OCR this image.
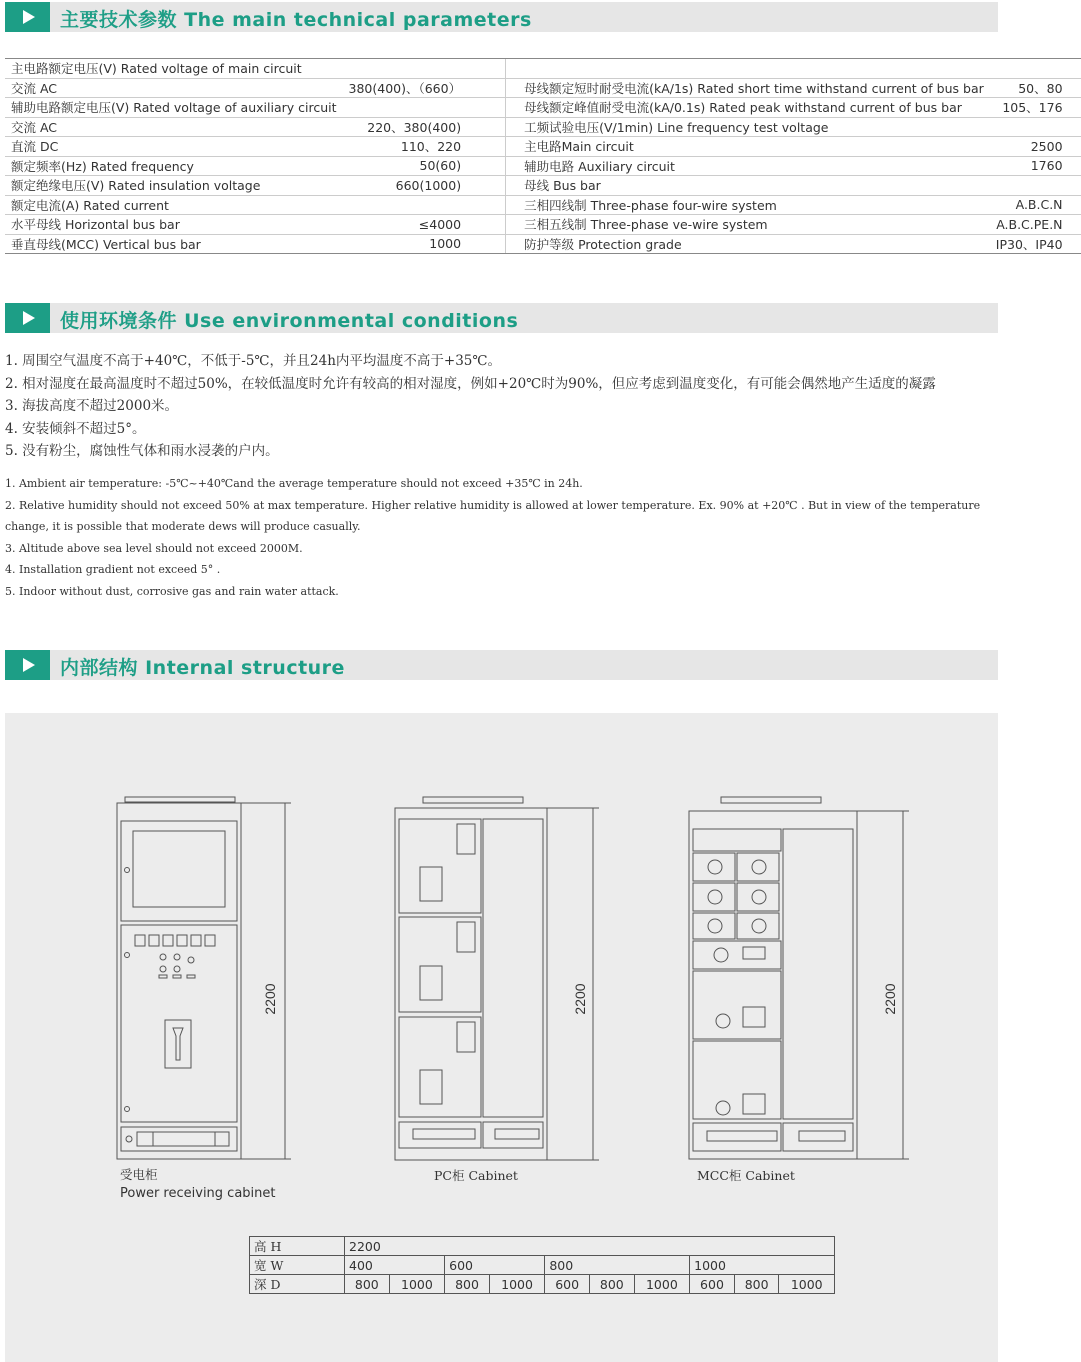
主要技术参数 The main technical parameters
主电路额定电压(V) Rated voltage of main circuit			
交流 AC	380(400)、（660）	母线额定短时耐受电流(kA/1s) Rated short time withstand current of bus bar	50、80
辅助电路额定电压(V) Rated voltage of auxiliary circuit		母线额定峰值耐受电流(kA/0.1s) Rated peak withstand current of bus bar	105、176
交流 AC	220、380(400)	工频试验电压(V/1min) Line frequency test voltage	
直流 DC	110、220	主电路Main circuit	2500
额定频率(Hz) Rated frequency	50(60)	辅助电路 Auxiliary circuit	1760
额定绝缘电压(V) Rated insulation voltage	660(1000)	母线 Bus bar	
额定电流(A) Rated current		三相四线制 Three-phase four-wire system	A.B.C.N
水平母线 Horizontal bus bar	≤4000	三相五线制 Three-phase ve-wire system	A.B.C.PE.N
垂直母线(MCC) Vertical bus bar	1000	防护等级 Protection grade	IP30、IP40
使用环境条件 Use environmental conditions
1. 周围空气温度不高于+40℃，不低于-5℃，并且24h内平均温度不高于+35℃。
2. 相对湿度在最高温度时不超过50%，在较低温度时允许有较高的相对湿度，例如+20℃时为90%，但应考虑到温度变化，有可能会偶然地产生适度的凝露
3. 海拔高度不超过2000米。
4. 安装倾斜不超过5°。
5. 没有粉尘，腐蚀性气体和雨水浸袭的户内。
1. Ambient air temperature: -5℃~+40℃and the average temperature should not exceed +35℃ in 24h.
2. Relative humidity should not exceed 50% at max temperature. Higher relative humidity is allowed at lower temperature. Ex. 90% at +20℃ . But in view of the temperature change, it is possible that moderate dews will produce casually.
3. Altitude above sea level should not exceed 2000M.
4. Installation gradient not exceed 5° .
5. Indoor without dust, corrosive gas and rain water attack.
内部结构 Internal structure
2200	2200	2200
受电柜
Power receiving cabinet
PC柜 Cabinet	MCC柜 Cabinet
高 H	2200									
宽 W	400		600		800			1000		
深 D	800	1000	800	1000	600	800	1000	600	800	1000
